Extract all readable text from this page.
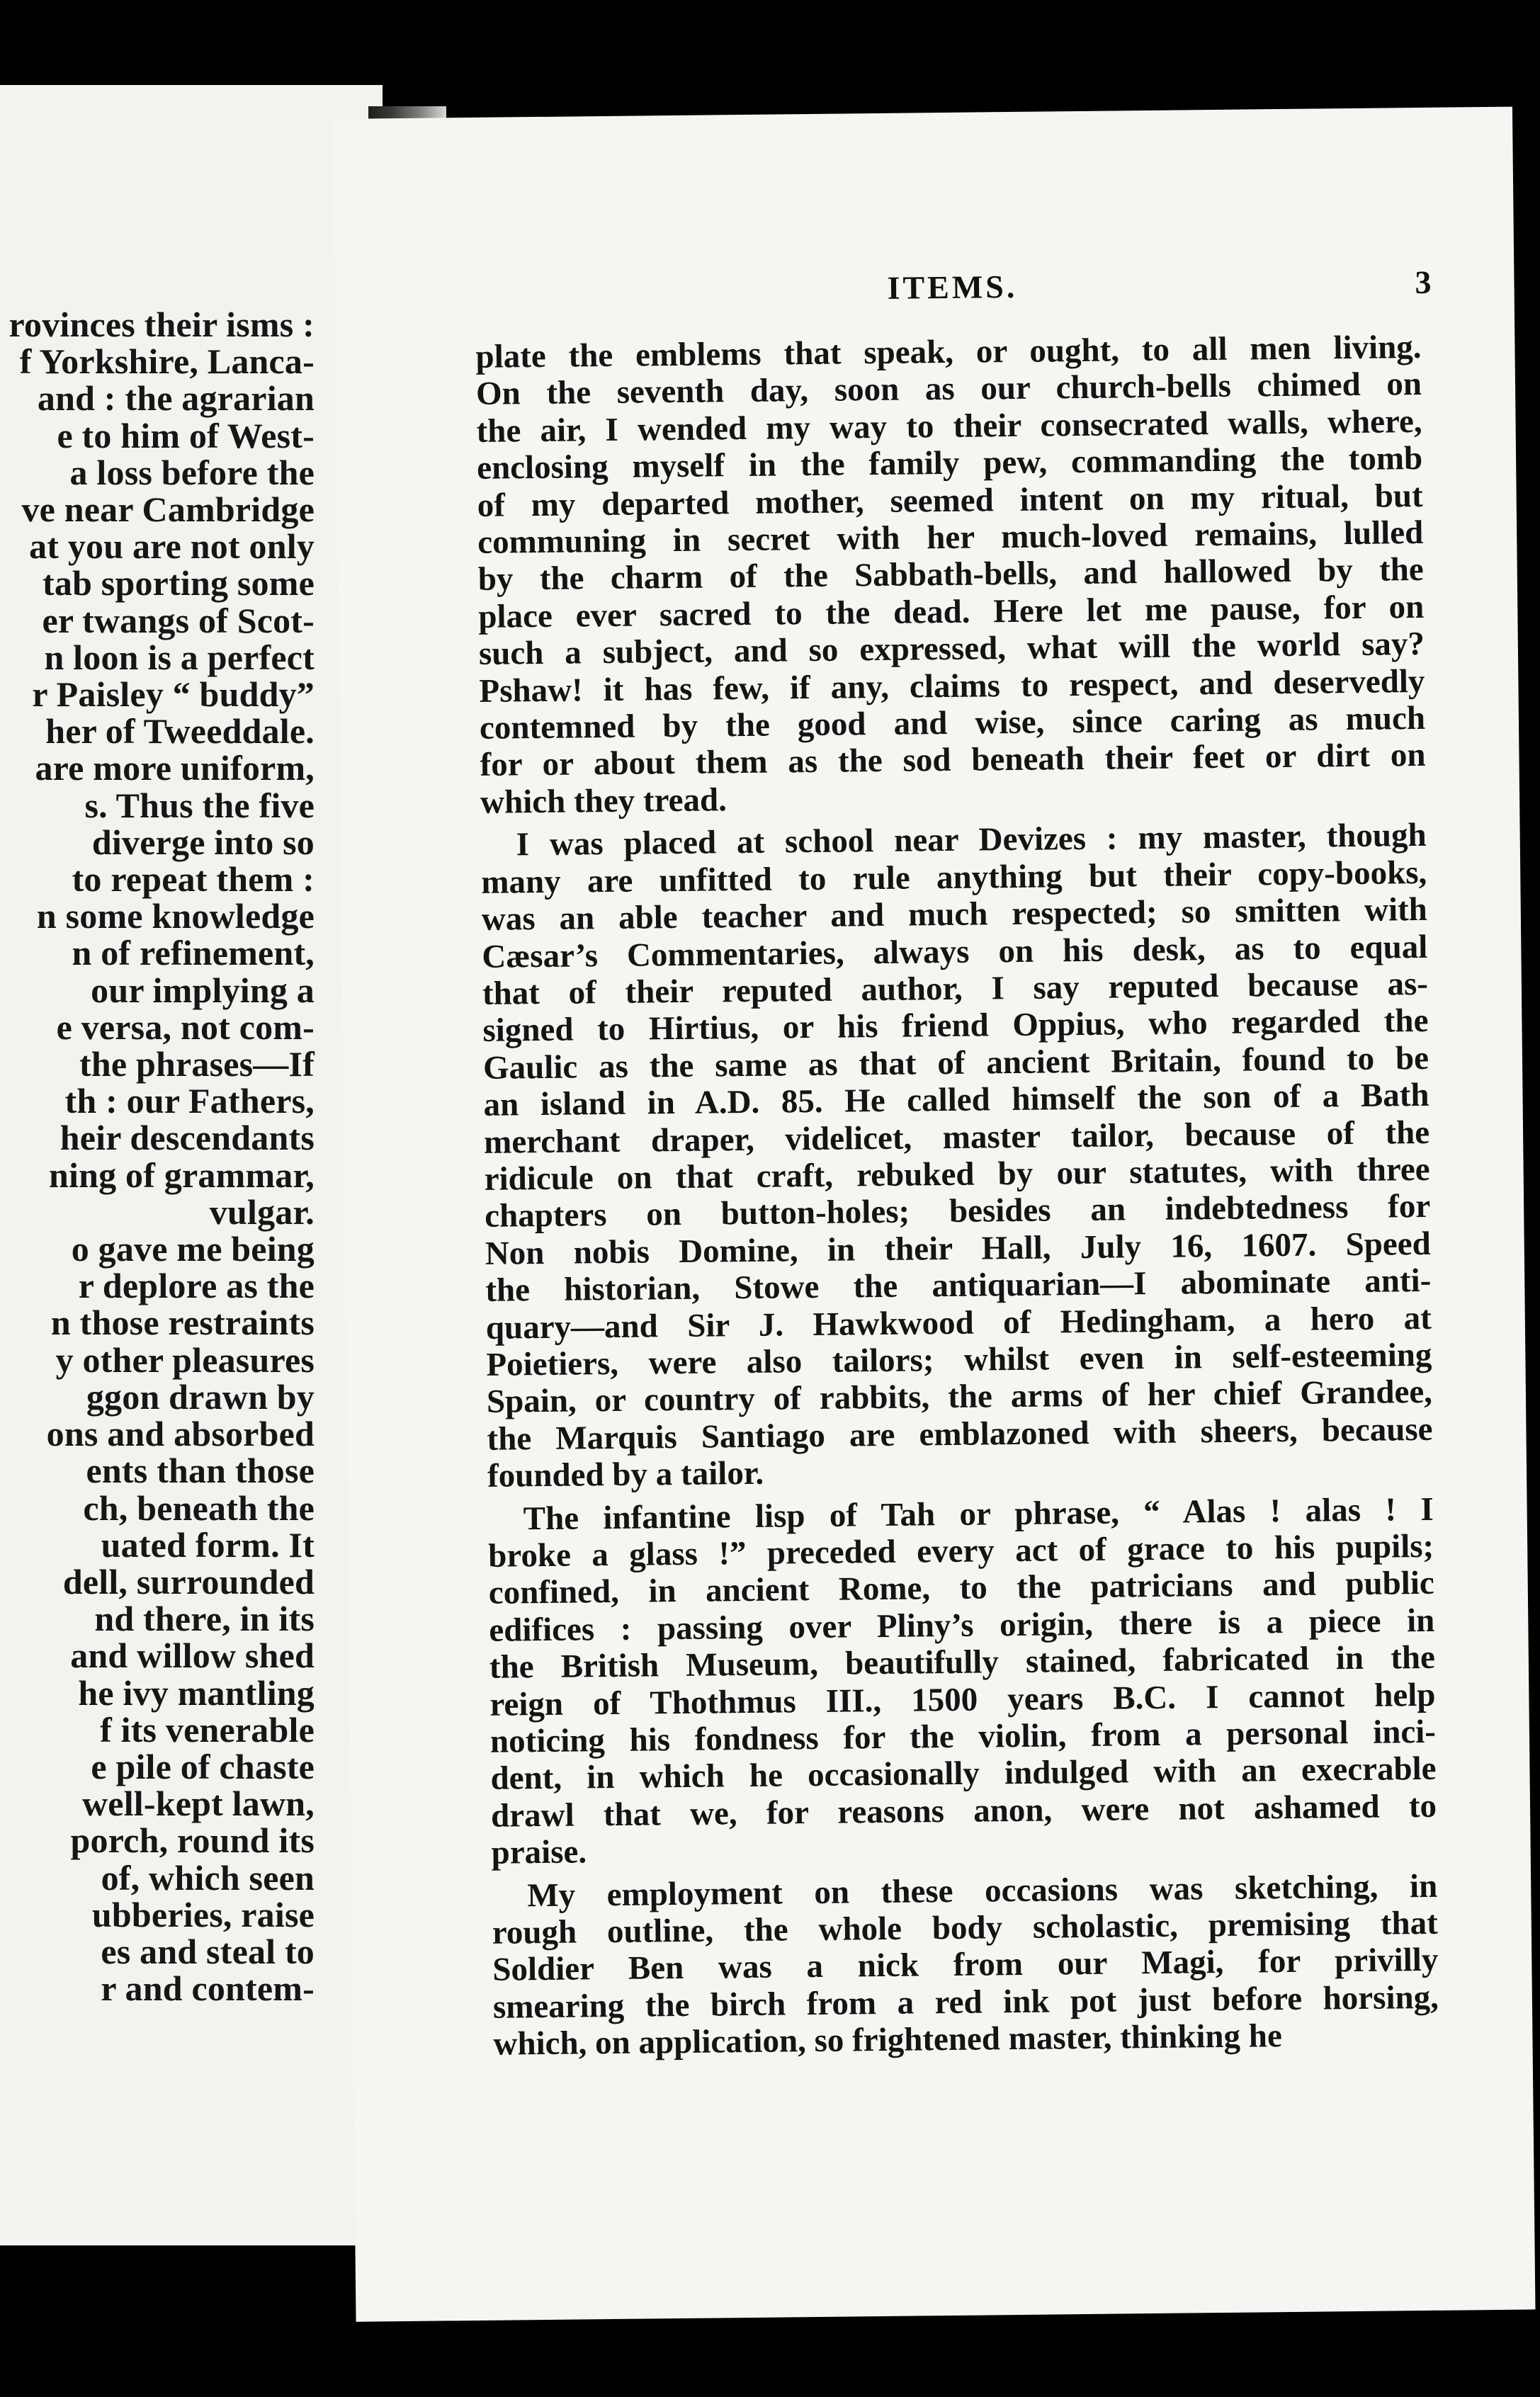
rovinces their isms :
f Yorkshire, Lanca-
and : the agrarian
e to him of West-
a loss before the
ve near Cambridge
at you are not only
tab sporting some
er twangs of Scot-
n loon is a perfect
r Paisley “ buddy”
her of Tweeddale.
are more uniform,
s. Thus the five
diverge into so
to repeat them :
n some knowledge
n of refinement,
our implying a
e versa, not com-
the phrases—If
th : our Fathers,
heir descendants
ning of grammar,
vulgar.
o gave me being
r deplore as the
n those restraints
y other pleasures
ggon drawn by
ons and absorbed
ents than those
ch, beneath the
uated form. It
dell, surrounded
nd there, in its
and willow shed
he ivy mantling
f its venerable
e pile of chaste
well-kept lawn,
porch, round its
of, which seen
ubberies, raise
es and steal to
r and contem-
ITEMS.	3
plate the emblems that speak, or ought, to all men living.
On the seventh day, soon as our church-bells chimed on
the air, I wended my way to their consecrated walls, where,
enclosing myself in the family pew, commanding the tomb
of my departed mother, seemed intent on my ritual, but
communing in secret with her much-loved remains, lulled
by the charm of the Sabbath-bells, and hallowed by the
place ever sacred to the dead. Here let me pause, for on
such a subject, and so expressed, what will the world say?
Pshaw! it has few, if any, claims to respect, and deservedly
contemned by the good and wise, since caring as much
for or about them as the sod beneath their feet or dirt on
which they tread.
I was placed at school near Devizes : my master, though
many are unfitted to rule anything but their copy-books,
was an able teacher and much respected; so smitten with
Cæsar’s Commentaries, always on his desk, as to equal
that of their reputed author, I say reputed because as-
signed to Hirtius, or his friend Oppius, who regarded the
Gaulic as the same as that of ancient Britain, found to be
an island in A.D. 85. He called himself the son of a Bath
merchant draper, videlicet, master tailor, because of the
ridicule on that craft, rebuked by our statutes, with three
chapters on button-holes; besides an indebtedness for
Non nobis Domine, in their Hall, July 16, 1607. Speed
the historian, Stowe the antiquarian—I abominate anti-
quary—and Sir J. Hawkwood of Hedingham, a hero at
Poietiers, were also tailors; whilst even in self-esteeming
Spain, or country of rabbits, the arms of her chief Grandee,
the Marquis Santiago are emblazoned with sheers, because
founded by a tailor.
The infantine lisp of Tah or phrase, “ Alas ! alas ! I
broke a glass !” preceded every act of grace to his pupils;
confined, in ancient Rome, to the patricians and public
edifices : passing over Pliny’s origin, there is a piece in
the British Museum, beautifully stained, fabricated in the
reign of Thothmus III., 1500 years B.C. I cannot help
noticing his fondness for the violin, from a personal inci-
dent, in which he occasionally indulged with an execrable
drawl that we, for reasons anon, were not ashamed to
praise.
My employment on these occasions was sketching, in
rough outline, the whole body scholastic, premising that
Soldier Ben was a nick from our Magi, for privilly
smearing the birch from a red ink pot just before horsing,
which, on application, so frightened master, thinking he
